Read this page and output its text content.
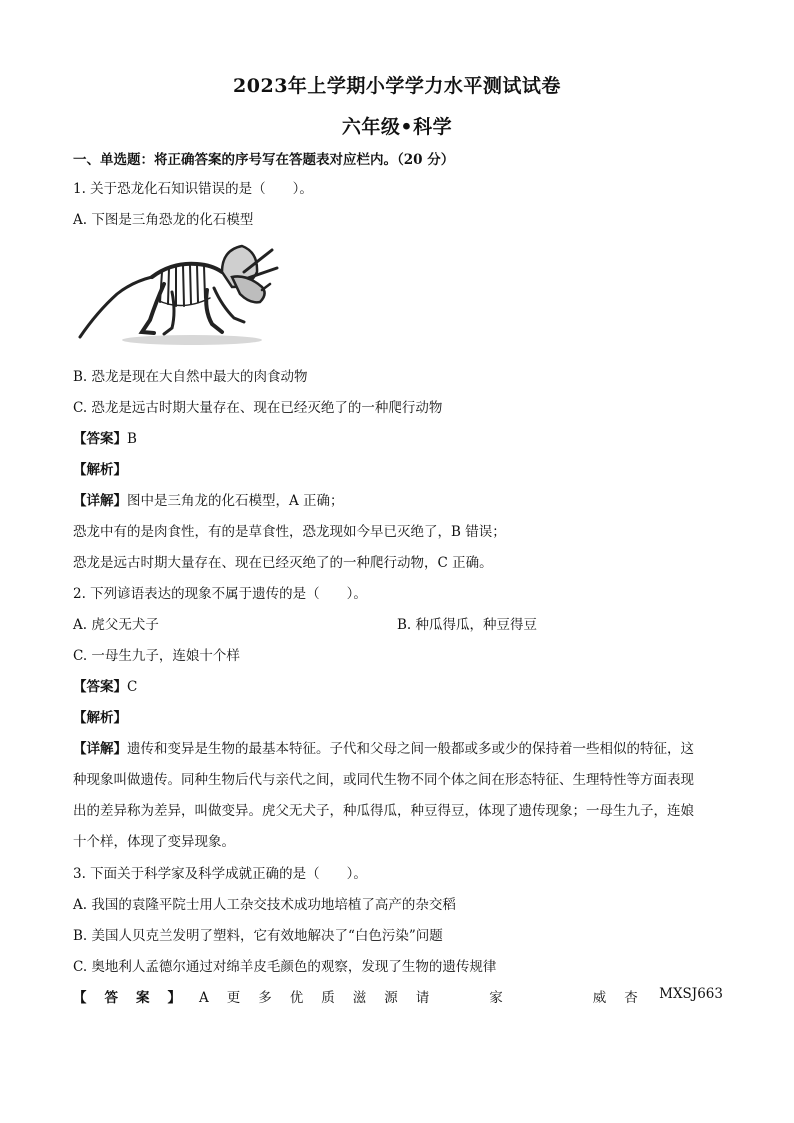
2023年上学期小学学力水平测试试卷
六年级•科学
一、单选题：将正确答案的序号写在答题表对应栏内。（20 分）
1. 关于恐龙化石知识错误的是（　　）。
A. 下图是三角恐龙的化石模型
B. 恐龙是现在大自然中最大的肉食动物
C. 恐龙是远古时期大量存在、现在已经灭绝了的一种爬行动物
【答案】B
【解析】
【详解】图中是三角龙的化石模型，A 正确；
恐龙中有的是肉食性，有的是草食性，恐龙现如今早已灭绝了，B 错误；
恐龙是远古时期大量存在、现在已经灭绝了的一种爬行动物，C 正确。
2. 下列谚语表达的现象不属于遗传的是（　　）。
A. 虎父无犬子	B. 种瓜得瓜，种豆得豆
C. 一母生九子，连娘十个样
【答案】C
【解析】
【详解】遗传和变异是生物的最基本特征。子代和父母之间一般都或多或少的保持着一些相似的特征，这
种现象叫做遗传。同种生物后代与亲代之间，或同代生物不同个体之间在形态特征、生理特性等方面表现
出的差异称为差异，叫做变异。虎父无犬子，种瓜得瓜，种豆得豆，体现了遗传现象；一母生九子，连娘
十个样，体现了变异现象。
3. 下面关于科学家及科学成就正确的是（　　）。
A. 我国的袁隆平院士用人工杂交技术成功地培植了高产的杂交稻
B. 美国人贝克兰发明了塑料，它有效地解决了“白色污染”问题
C. 奥地利人孟德尔通过对绵羊皮毛颜色的观察，发现了生物的遗传规律
【 答 案 】 A 更 多 优 质 滋 源 请	家	威 杏	MXSJ663
